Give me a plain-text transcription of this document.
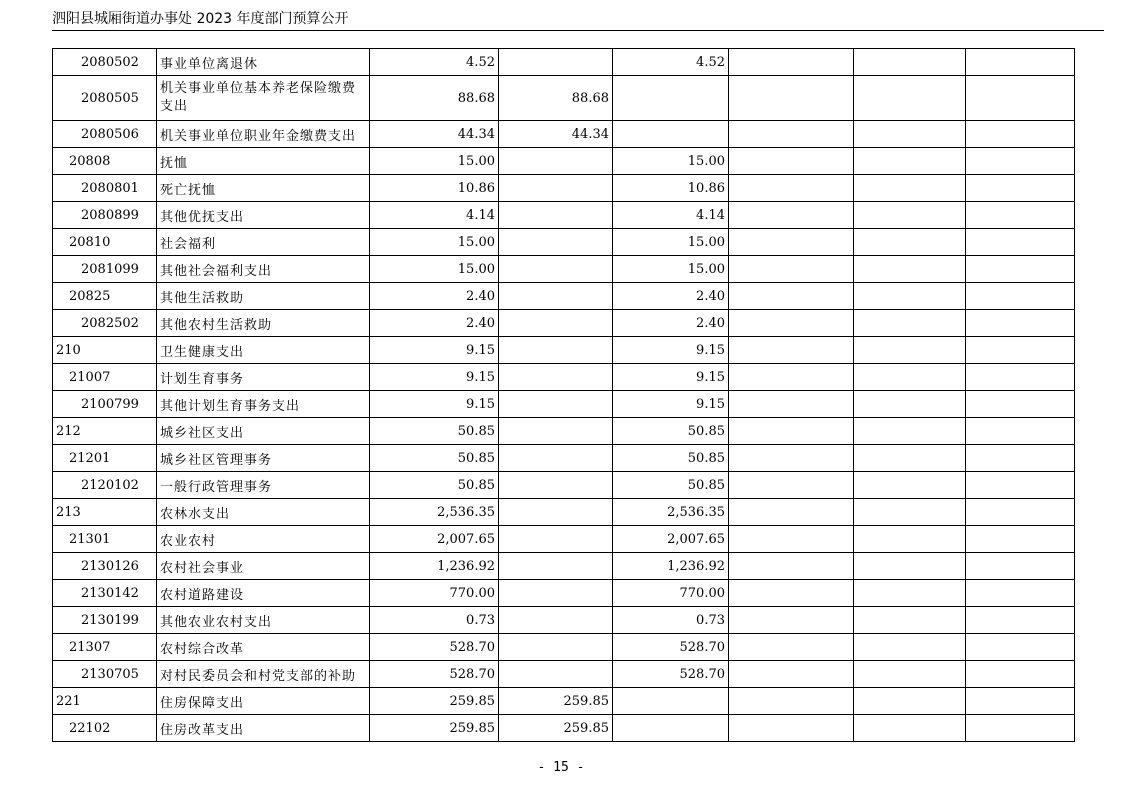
泗阳县城厢街道办事处 2023 年度部门预算公开
2080502	事业单位离退休	4.52		4.52			
2080505	机关事业单位基本养老保险缴费支出	88.68	88.68				
2080506	机关事业单位职业年金缴费支出	44.34	44.34				
20808	抚恤	15.00		15.00			
2080801	死亡抚恤	10.86		10.86			
2080899	其他优抚支出	4.14		4.14			
20810	社会福利	15.00		15.00			
2081099	其他社会福利支出	15.00		15.00			
20825	其他生活救助	2.40		2.40			
2082502	其他农村生活救助	2.40		2.40			
210	卫生健康支出	9.15		9.15			
21007	计划生育事务	9.15		9.15			
2100799	其他计划生育事务支出	9.15		9.15			
212	城乡社区支出	50.85		50.85			
21201	城乡社区管理事务	50.85		50.85			
2120102	一般行政管理事务	50.85		50.85			
213	农林水支出	2,536.35		2,536.35			
21301	农业农村	2,007.65		2,007.65			
2130126	农村社会事业	1,236.92		1,236.92			
2130142	农村道路建设	770.00		770.00			
2130199	其他农业农村支出	0.73		0.73			
21307	农村综合改革	528.70		528.70			
2130705	对村民委员会和村党支部的补助	528.70		528.70			
221	住房保障支出	259.85	259.85				
22102	住房改革支出	259.85	259.85				
- 15 -
